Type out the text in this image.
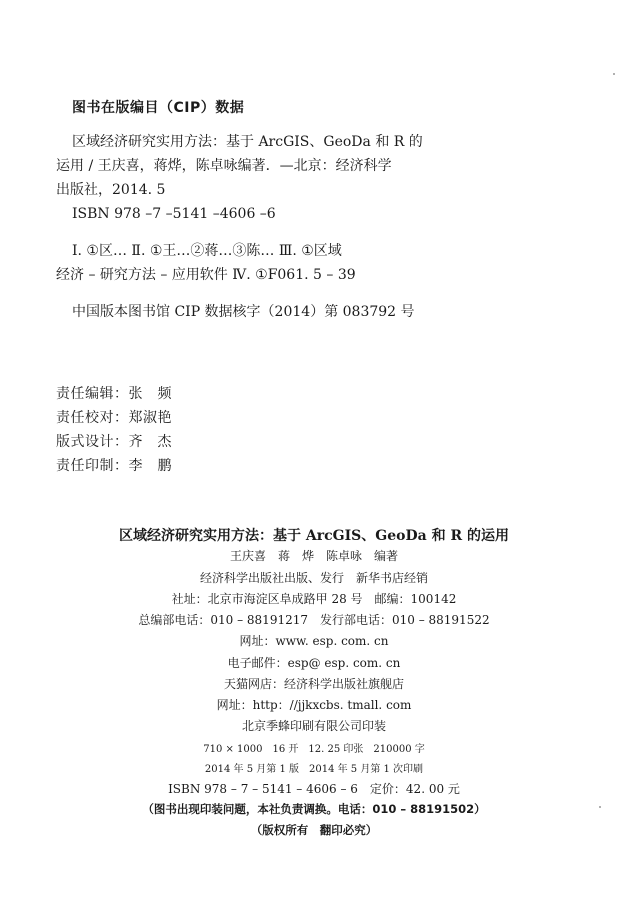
图书在版编目（CIP）数据
区域经济研究实用方法：基于 ArcGIS、GeoDa 和 R 的
运用 / 王庆喜，蒋烨，陈卓咏编著．—北京：经济科学
出版社，2014. 5
ISBN 978 –7 –5141 –4606 –6
Ⅰ. ①区… Ⅱ. ①王…②蒋…③陈… Ⅲ. ①区域
经济 – 研究方法 – 应用软件 Ⅳ. ①F061. 5 – 39
中国版本图书馆 CIP 数据核字（2014）第 083792 号
责任编辑：张　频
责任校对：郑淑艳
版式设计：齐　杰
责任印制：李　鹏
区域经济研究实用方法：基于 ArcGIS、GeoDa 和 R 的运用
王庆喜　蒋　烨　陈卓咏　编著
经济科学出版社出版、发行　新华书店经销
社址：北京市海淀区阜成路甲 28 号　邮编：100142
总编部电话：010 – 88191217　发行部电话：010 – 88191522
网址：www. esp. com. cn
电子邮件：esp@ esp. com. cn
天猫网店：经济科学出版社旗舰店
网址：http：//jjkxcbs. tmall. com
北京季蜂印刷有限公司印装
710 × 1000　16 开　12. 25 印张　210000 字
2014 年 5 月第 1 版　2014 年 5 月第 1 次印刷
ISBN 978 – 7 – 5141 – 4606 – 6　定价：42. 00 元
（图书出现印装问题，本社负责调换。电话：010 – 88191502）
（版权所有　翻印必究）
